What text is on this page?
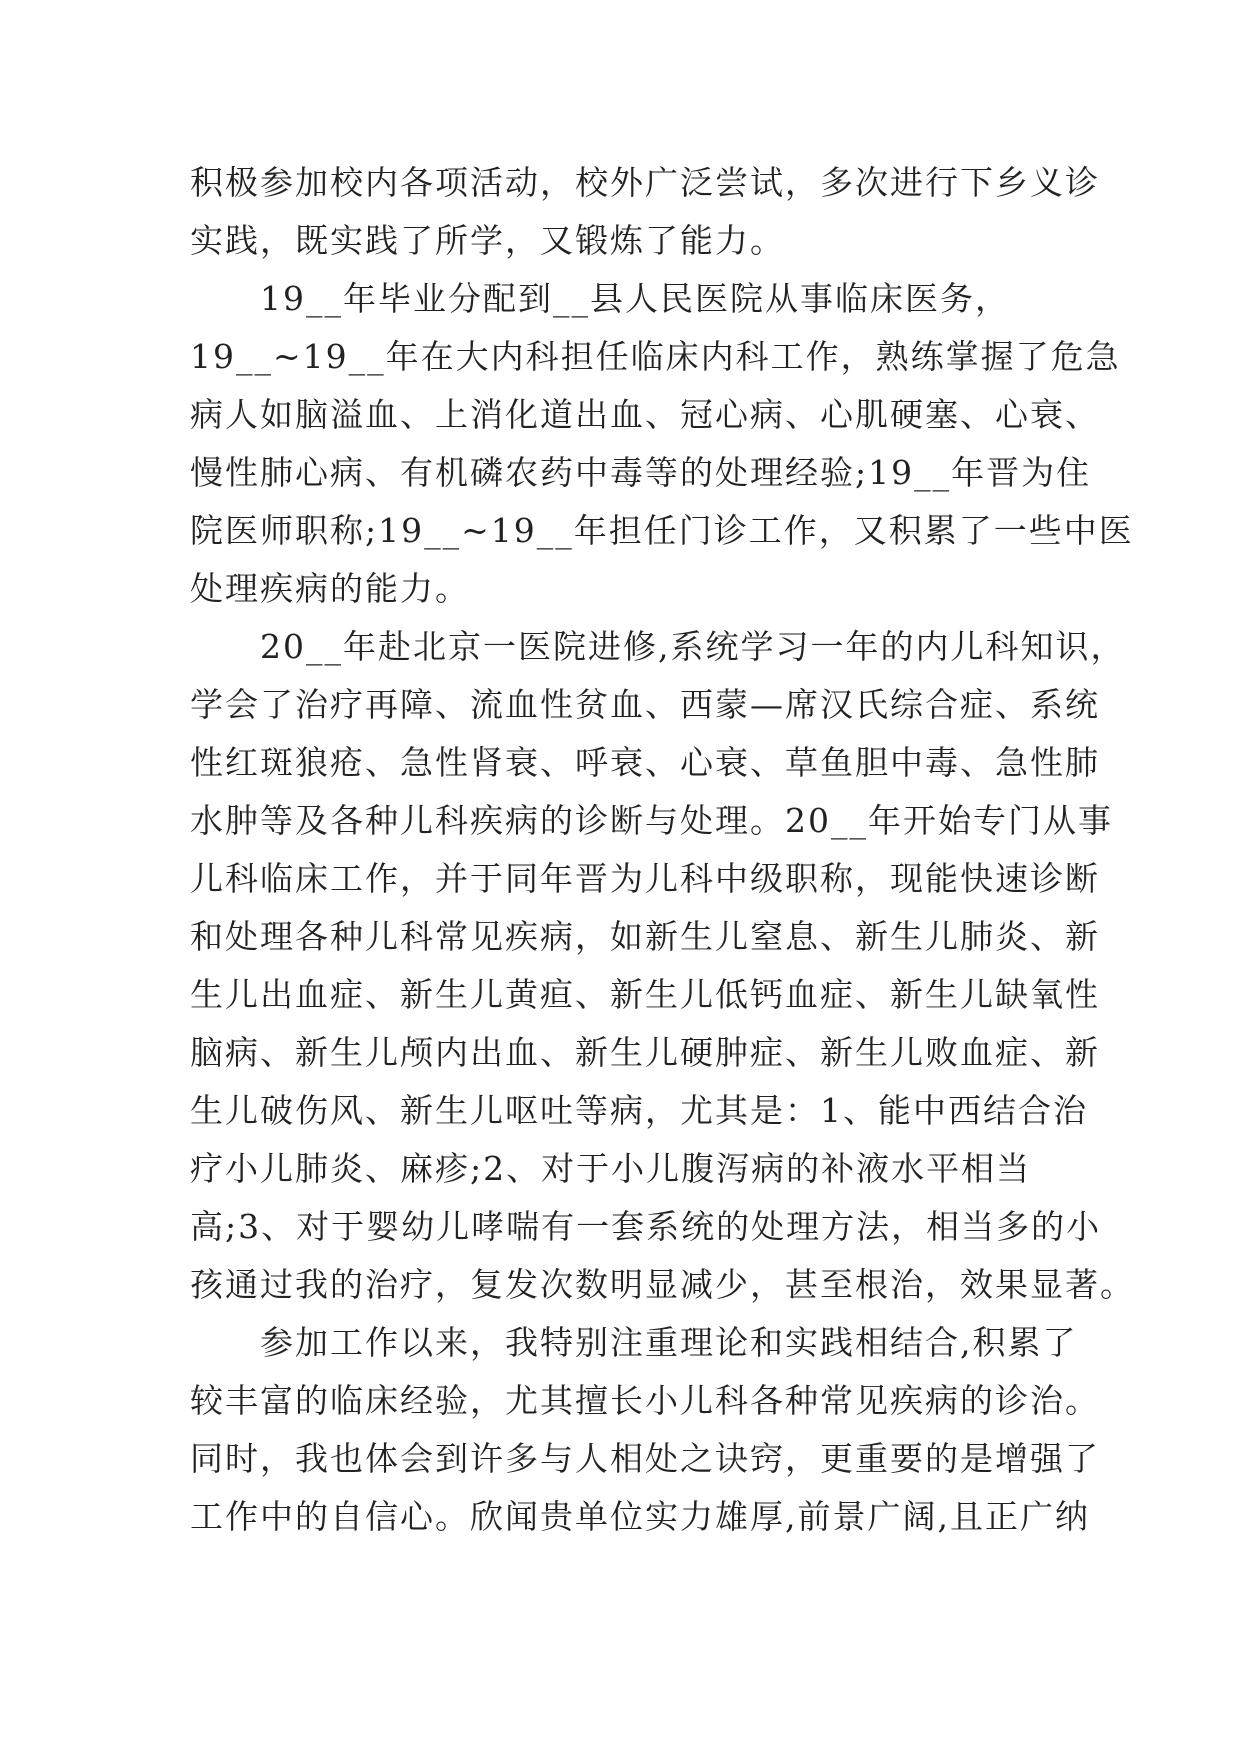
积极参加校内各项活动，校外广泛尝试，多次进行下乡义诊
实践，既实践了所学，又锻炼了能力。
19__年毕业分配到__县人民医院从事临床医务，
19__~19__年在大内科担任临床内科工作，熟练掌握了危急
病人如脑溢血、上消化道出血、冠心病、心肌硬塞、心衰、
慢性肺心病、有机磷农药中毒等的处理经验;19__年晋为住
院医师职称;19__~19__年担任门诊工作，又积累了一些中医
处理疾病的能力。
20__年赴北京一医院进修,系统学习一年的内儿科知识，
学会了治疗再障、流血性贫血、西蒙—席汉氏综合症、系统
性红斑狼疮、急性肾衰、呼衰、心衰、草鱼胆中毒、急性肺
水肿等及各种儿科疾病的诊断与处理。20__年开始专门从事
儿科临床工作，并于同年晋为儿科中级职称，现能快速诊断
和处理各种儿科常见疾病，如新生儿窒息、新生儿肺炎、新
生儿出血症、新生儿黄疸、新生儿低钙血症、新生儿缺氧性
脑病、新生儿颅内出血、新生儿硬肿症、新生儿败血症、新
生儿破伤风、新生儿呕吐等病，尤其是：1、能中西结合治
疗小儿肺炎、麻疹;2、对于小儿腹泻病的补液水平相当
高;3、对于婴幼儿哮喘有一套系统的处理方法，相当多的小
孩通过我的治疗，复发次数明显减少，甚至根治，效果显著。
参加工作以来，我特别注重理论和实践相结合,积累了
较丰富的临床经验，尤其擅长小儿科各种常见疾病的诊治。
同时，我也体会到许多与人相处之诀窍，更重要的是增强了
工作中的自信心。欣闻贵单位实力雄厚,前景广阔,且正广纳
